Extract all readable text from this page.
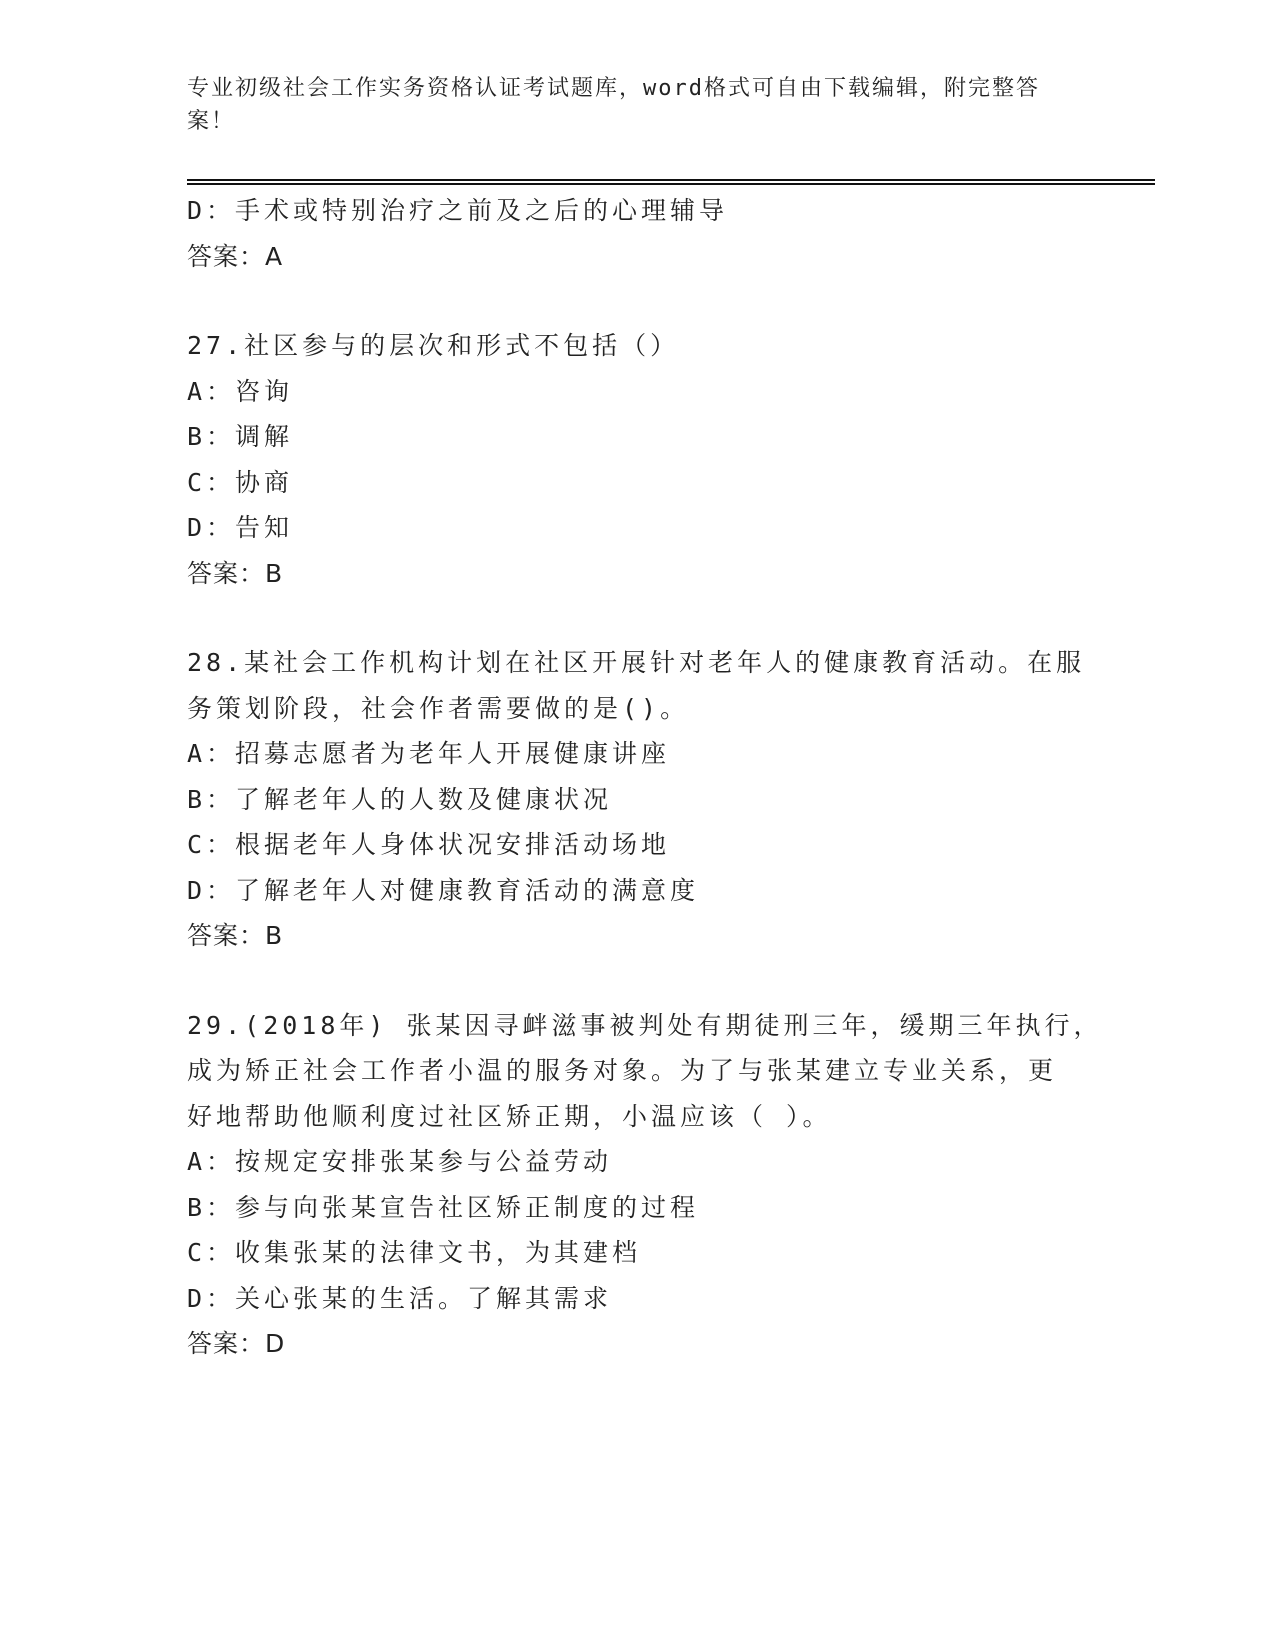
专业初级社会工作实务资格认证考试题库，word格式可自由下载编辑，附完整答案！
D：手术或特别治疗之前及之后的心理辅导
答案：A
27.社区参与的层次和形式不包括（）
A：咨询
B：调解
C：协商
D：告知
答案：B
28.某社会工作机构计划在社区开展针对老年人的健康教育活动。在服
务策划阶段，社会作者需要做的是()。
A：招募志愿者为老年人开展健康讲座
B：了解老年人的人数及健康状况
C：根据老年人身体状况安排活动场地
D：了解老年人对健康教育活动的满意度
答案：B
29.(2018年) 张某因寻衅滋事被判处有期徒刑三年，缓期三年执行，
成为矫正社会工作者小温的服务对象。为了与张某建立专业关系，更
好地帮助他顺利度过社区矫正期，小温应该（ ）。
A：按规定安排张某参与公益劳动
B：参与向张某宣告社区矫正制度的过程
C：收集张某的法律文书，为其建档
D：关心张某的生活。了解其需求
答案：D
